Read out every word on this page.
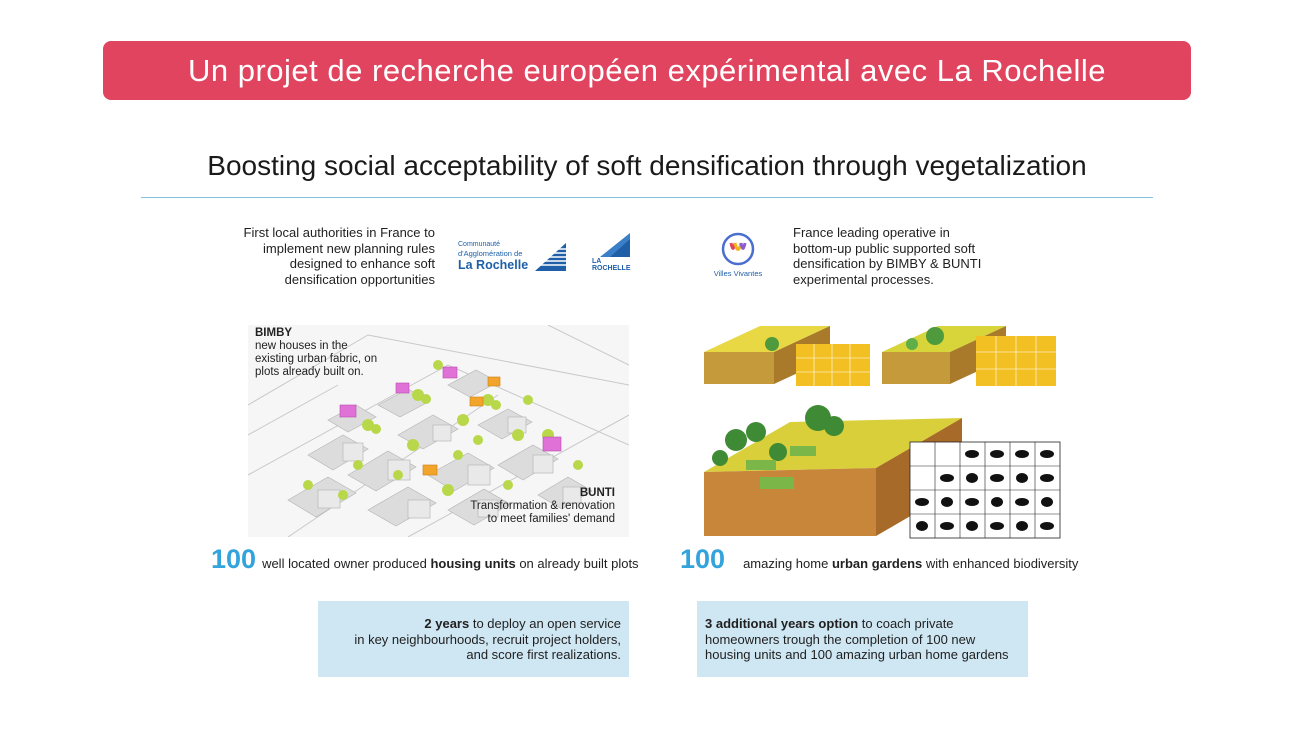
Un projet de recherche européen expérimental avec La Rochelle
Boosting social acceptability of soft densification through vegetalization
First local authorities in France to
implement new planning rules
designed to enhance soft
densification opportunities
Communauté
d'Agglomération de
La Rochelle	LA
ROCHELLE
Villes Vivantes
France leading operative in
bottom-up public supported soft
densification by BIMBY & BUNTI
experimental processes.
BIMBY
new houses in the
existing urban fabric, on
plots already built on.
BUNTI
Transformation & renovation
to meet families' demand
100 well located owner produced
housing units
on already built plots 100 amazing home
urban gardens
with enhanced biodiversity
2 years to deploy an open service
in key neighbourhoods, recruit project holders,
and score first realizations.
3 additional years option to coach private
homeowners trough the completion of 100 new
housing units and 100 amazing urban home gardens
